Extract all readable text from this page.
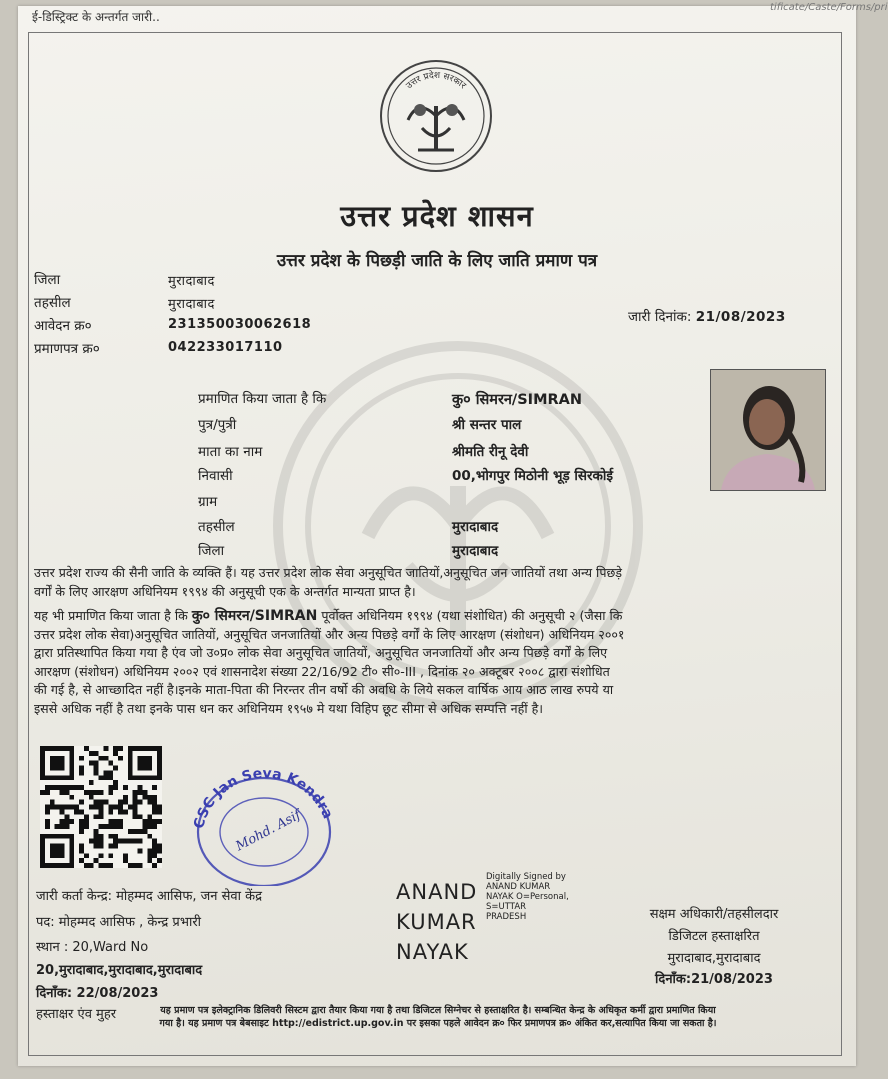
ई-डिस्ट्रिक्ट के अन्तर्गत जारी..
tificate/Caste/Forms/pri
उत्तर प्रदेश सरकार
उत्तर प्रदेश शासन
उत्तर प्रदेश के पिछड़ी जाति के लिए जाति प्रमाण पत्र
जिला	मुरादाबाद
तहसील	मुरादाबाद
आवेदन क्र०	231350030062618
प्रमाणपत्र क्र०	042233017110
जारी दिनांक: 21/08/2023
प्रमाणित किया जाता है कि	कु० सिमरन/SIMRAN
पुत्र/पुत्री	श्री सन्तर पाल
माता का नाम	श्रीमति रीनू देवी
निवासी	00,भोगपुर मिठोनी भूड़ सिरकोई
ग्राम
तहसील	मुरादाबाद
जिला	मुरादाबाद
उत्तर प्रदेश राज्य की सैनी जाति के व्यक्ति हैं। यह उत्तर प्रदेश लोक सेवा अनुसूचित जातियों,अनुसूचित जन जातियों तथा अन्य पिछड़े
वर्गों के लिए आरक्षण अधिनियम १९९४ की अनुसूची एक के अन्तर्गत मान्यता प्राप्त है।
यह भी प्रमाणित किया जाता है कि कु० सिमरन/SIMRAN पूर्वोक्त अधिनियम १९९४ (यथा संशोधित) की अनुसूची २ (जैसा कि
उत्तर प्रदेश लोक सेवा)अनुसूचित जातियों, अनुसूचित जनजातियों और अन्य पिछड़े वर्गों के लिए आरक्षण (संशोधन) अधिनियम २००१
द्वारा प्रतिस्थापित किया गया है एंव जो उ०प्र० लोक सेवा अनुसूचित जातियों, अनुसूचित जनजातियों और अन्य पिछड़े वर्गों के लिए
आरक्षण (संशोधन) अधिनियम २००२ एवं शासनादेश संख्या 22/16/92 टी० सी०-III , दिनांक २० अक्टूबर २००८ द्वारा संशोधित
की गई है, से आच्छादित नहीं है।इनके माता-पिता की निरन्तर तीन वर्षो की अवधि के लिये सकल वार्षिक आय आठ लाख रुपये या
इससे अधिक नहीं है तथा इनके पास धन कर अधिनियम १९५७ मे यथा विहिप छूट सीमा से अधिक सम्पत्ति नहीं है।
CSC Jan Seva Kendra
Mohd. Asif
जारी कर्ता केन्द्र: मोहम्मद आसिफ, जन सेवा केंद्र
पद: मोहम्मद आसिफ , केन्द्र प्रभारी
स्थान : 20,Ward No
20,मुरादाबाद,मुरादाबाद,मुरादाबाद
दिनाँक: 22/08/2023
हस्ताक्षर एंव मुहर
ANAND
KUMAR
NAYAK
Digitally Signed by
ANAND KUMAR
NAYAK O=Personal,
S=UTTAR
PRADESH	सक्षम अधिकारी/तहसीलदार
डिजिटल हस्ताक्षरित
मुरादाबाद,मुरादाबाद
दिनाँक:21/08/2023
यह प्रमाण पत्र इलेक्ट्रानिक डिलिवरी सिस्टम द्वारा तैयार किया गया है तथा डिजिटल सिग्नेचर से हस्ताक्षरित है। सम्बन्धित केन्द्र के अधिकृत कर्मी द्वारा प्रमाणित किया
गया है। यह प्रमाण पत्र बेबसाइट http://edistrict.up.gov.in पर इसका पहले आवेदन क्र० फिर प्रमाणपत्र क्र० अंकित कर,सत्यापित किया जा सकता है।
